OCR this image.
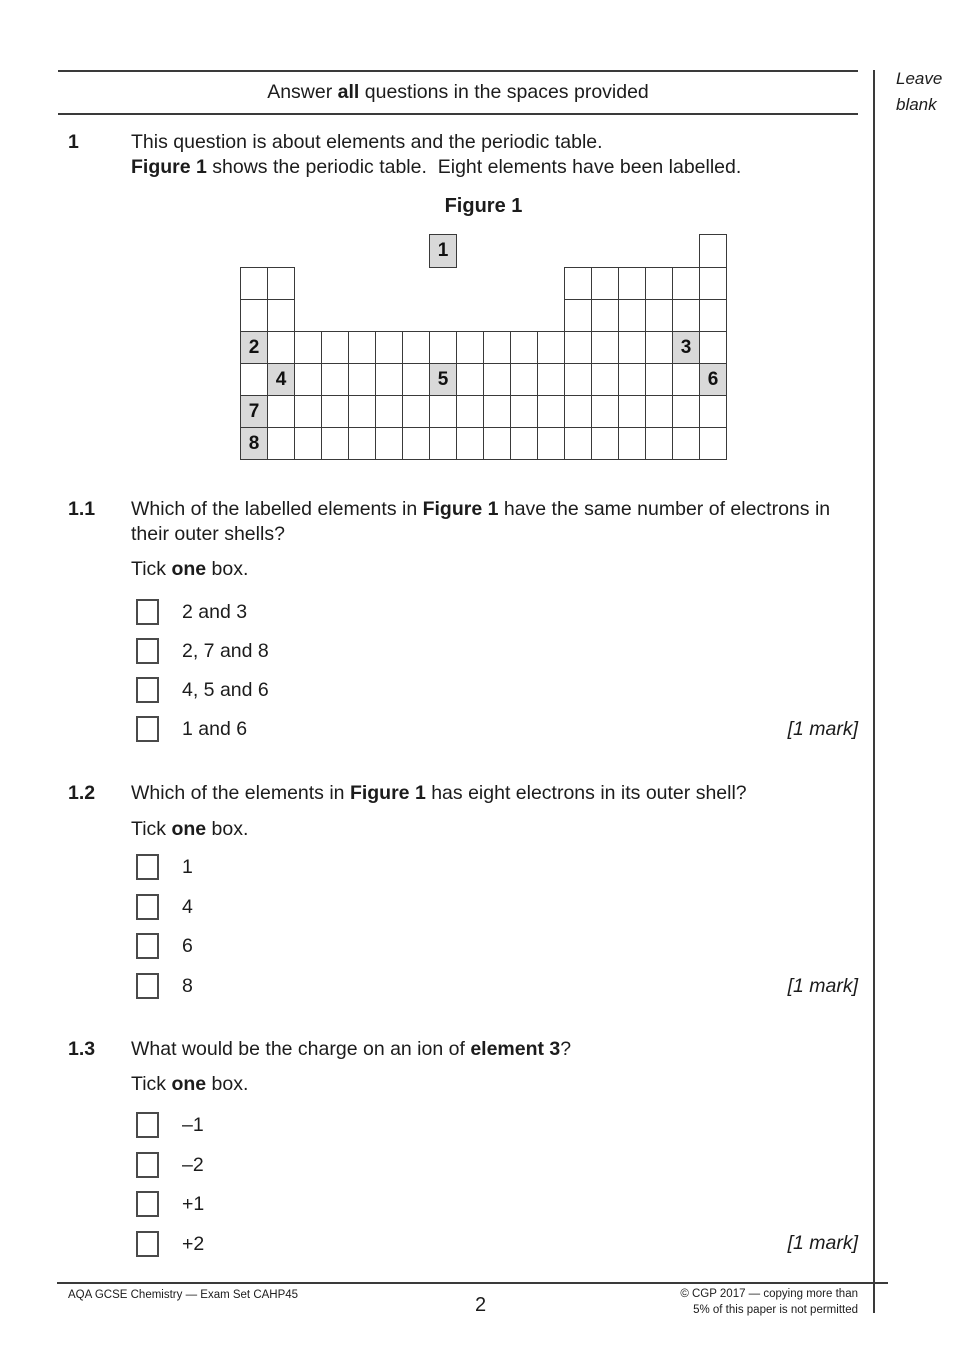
Answer all questions in the spaces provided
Leave
blank
1	This question is about elements and the periodic table.
Figure 1 shows the periodic table.  Eight elements have been labelled.
Figure 1
1
2	3
4	5	6
7
8
1.1 Which of the labelled elements in Figure 1 have the same number of electrons in
their outer shells?
Tick one box.
2 and 3
2, 7 and 8
4, 5 and 6
1 and 6	[1 mark]
1.2 Which of the elements in Figure 1 has eight electrons in its outer shell?
Tick one box.
1
4
6
8	[1 mark]
1.3 What would be the charge on an ion of element 3?
Tick one box.
–1
–2
+1
+2	[1 mark]
AQA GCSE Chemistry — Exam Set CAHP45	2	© CGP 2017 — copying more than
5% of this paper is not permitted
